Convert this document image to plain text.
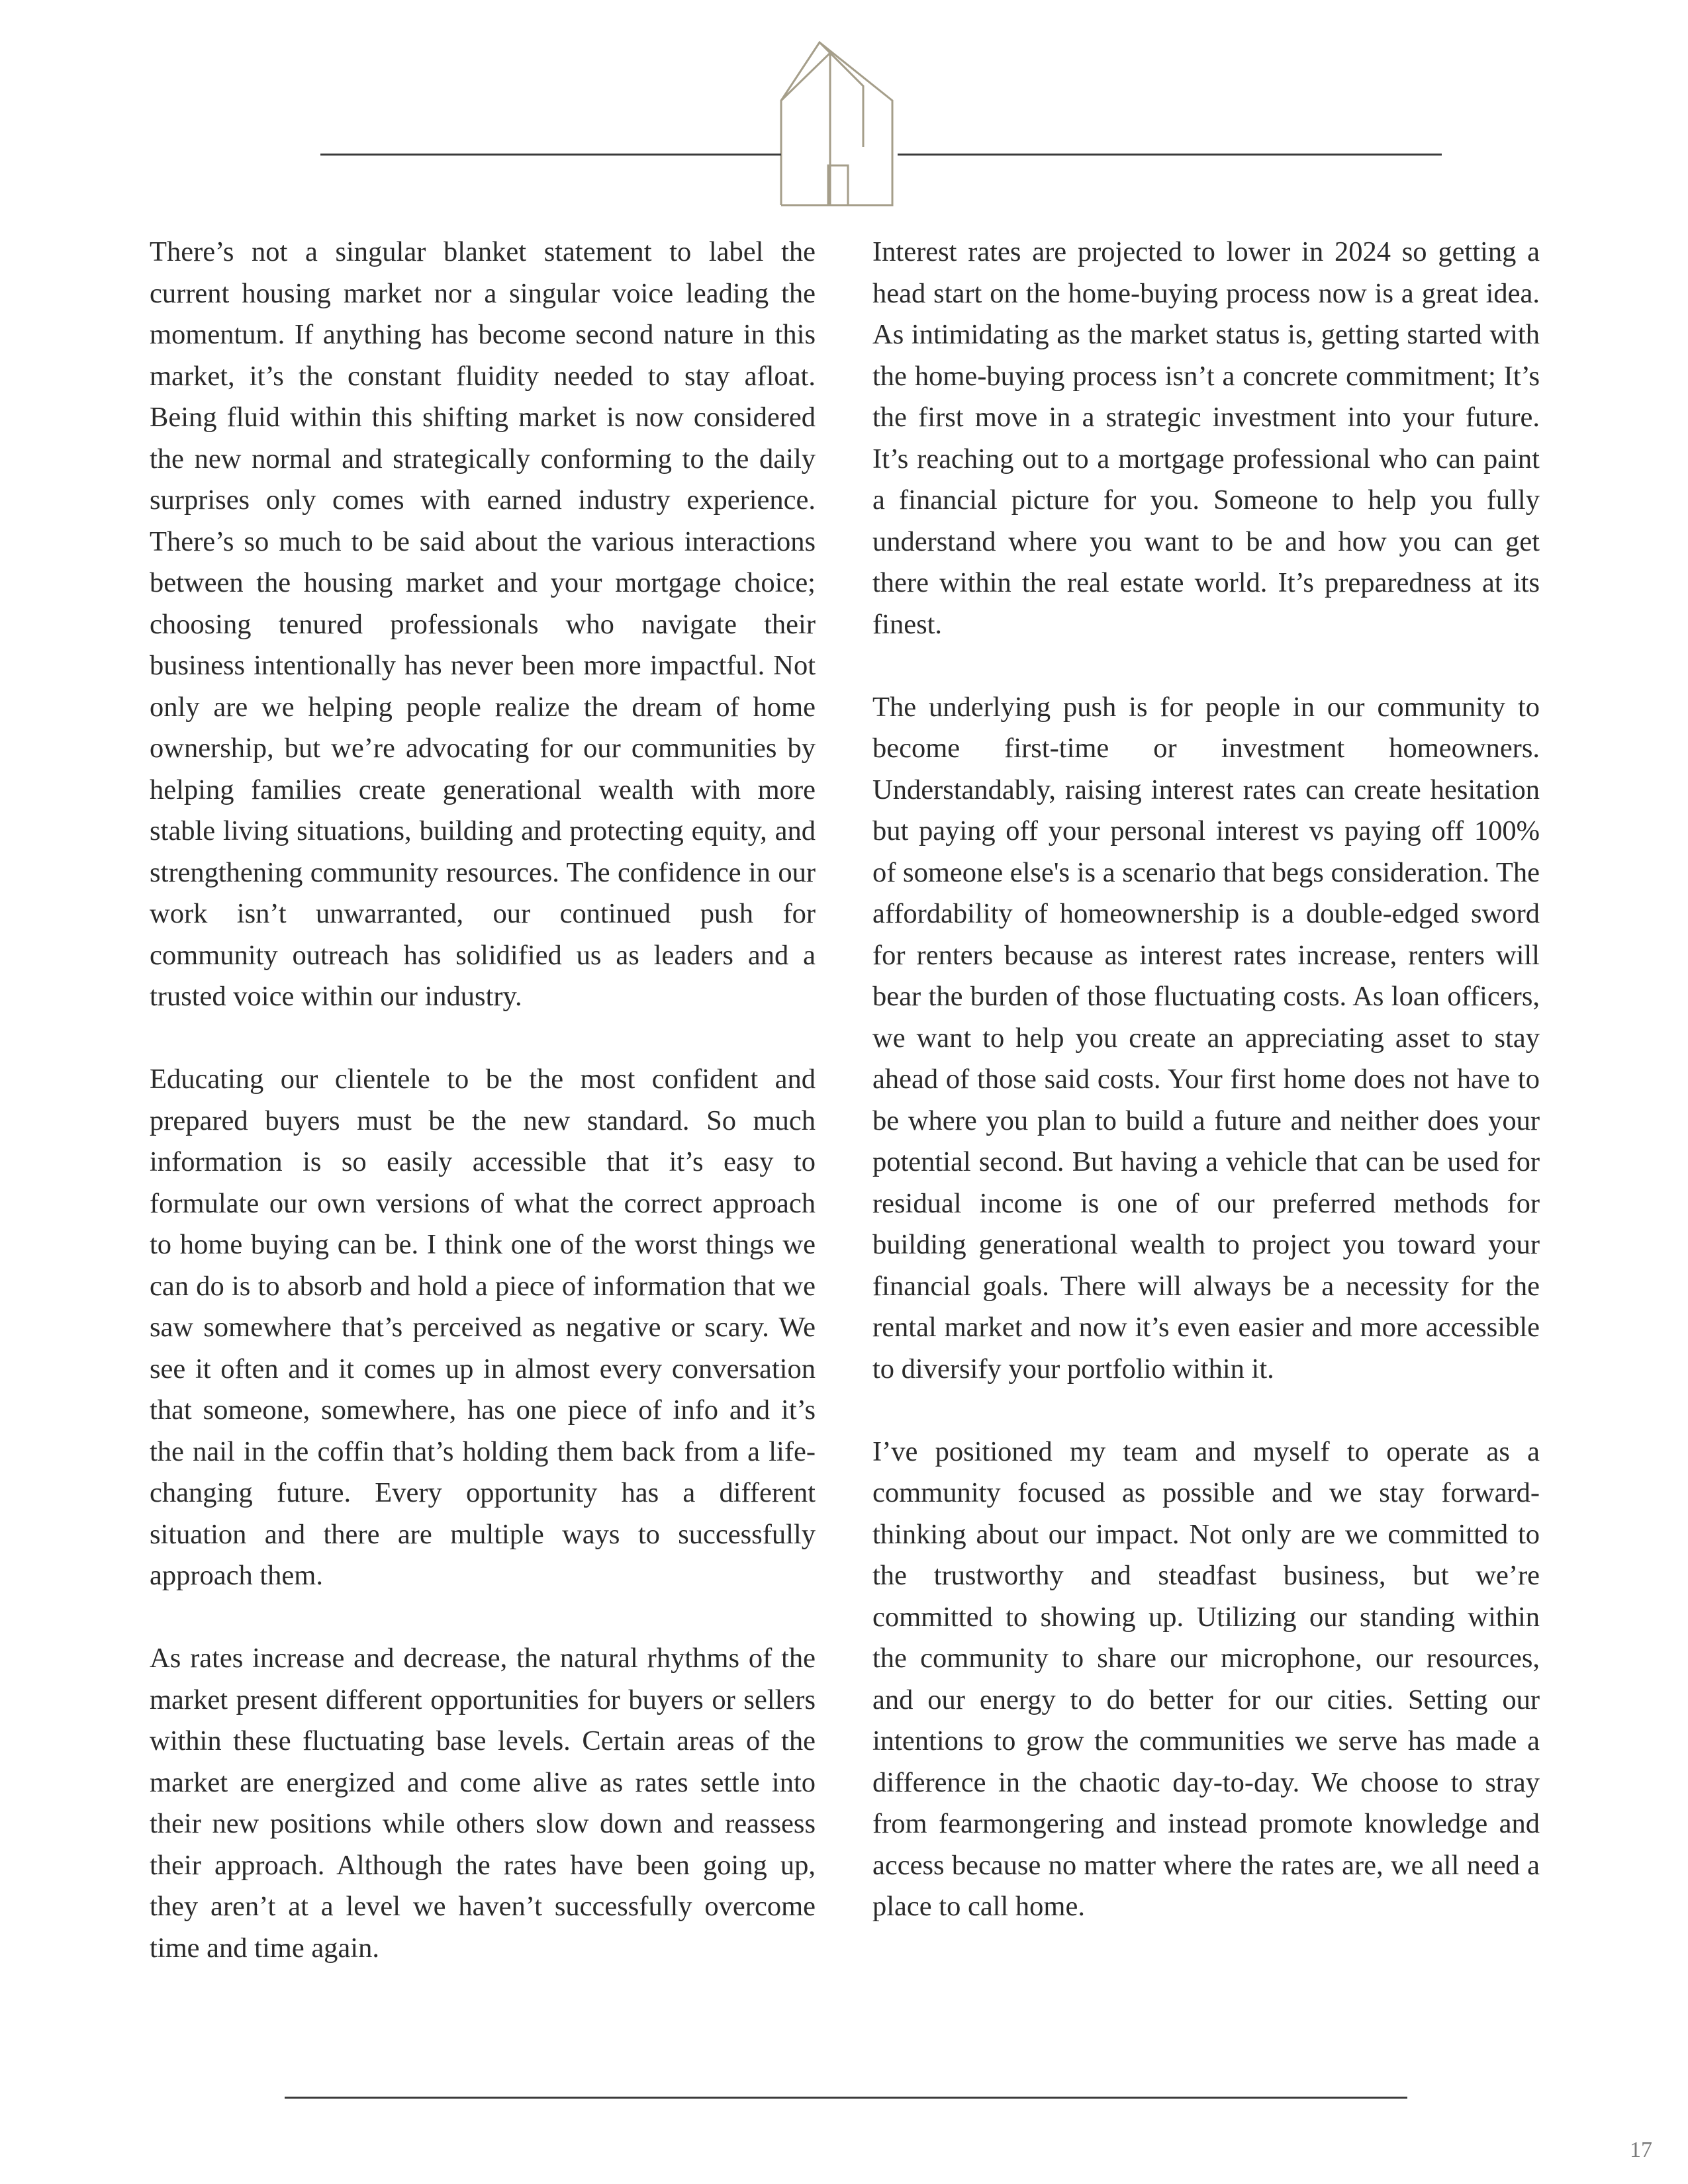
There’s not a singular blanket statement to label the current housing market nor a singular voice leading the momentum. If anything has become second nature in this market, it’s the constant fluidity needed to stay afloat. Being fluid within this shifting market is now considered the new normal and strategically conforming to the daily surprises only comes with earned industry experience. There’s so much to be said about the various interactions between the housing market and your mortgage choice; choosing tenured professionals who navigate their business intentionally has never been more impactful. Not only are we helping people realize the dream of home ownership, but we’re advocating for our communities by helping families create generational wealth with more stable living situations, building and protecting equity, and strengthening community resources. The confidence in our work isn’t unwarranted, our continued push for community outreach has solidified us as leaders and a trusted voice within our industry.

Educating our clientele to be the most confident and prepared buyers must be the new standard. So much information is so easily accessible that it’s easy to formulate our own versions of what the correct approach to home buying can be. I think one of the worst things we can do is to absorb and hold a piece of information that we saw somewhere that’s perceived as negative or scary. We see it often and it comes up in almost every conversation that someone, somewhere, has one piece of info and it’s the nail in the coffin that’s holding them back from a life-changing future. Every opportunity has a different situation and there are multiple ways to successfully approach them.

As rates increase and decrease, the natural rhythms of the market present different opportunities for buyers or sellers within these fluctuating base levels. Certain areas of the market are energized and come alive as rates settle into their new positions while others slow down and reassess their approach. Although the rates have been going up, they aren’t at a level we haven’t successfully overcome time and time again.

Interest rates are projected to lower in 2024 so getting a head start on the home-buying process now is a great idea. As intimidating as the market status is, getting started with the home-buying process isn’t a concrete commitment; It’s the first move in a strategic investment into your future. It’s reaching out to a mortgage professional who can paint a financial picture for you. Someone to help you fully understand where you want to be and how you can get there within the real estate world. It’s preparedness at its finest.

The underlying push is for people in our community to become first-time or investment homeowners. Understandably, raising interest rates can create hesitation but paying off your personal interest vs paying off 100% of someone else's is a scenario that begs consideration. The affordability of homeownership is a double-edged sword for renters because as interest rates increase, renters will bear the burden of those fluctuating costs. As loan officers, we want to help you create an appreciating asset to stay ahead of those said costs. Your first home does not have to be where you plan to build a future and neither does your potential second. But having a vehicle that can be used for residual income is one of our preferred methods for building generational wealth to project you toward your financial goals. There will always be a necessity for the rental market and now it’s even easier and more accessible to diversify your portfolio within it.

I’ve positioned my team and myself to operate as a community focused as possible and we stay forward-thinking about our impact. Not only are we committed to the trustworthy and steadfast business, but we’re committed to showing up. Utilizing our standing within the community to share our microphone, our resources, and our energy to do better for our cities. Setting our intentions to grow the communities we serve has made a difference in the chaotic day-to-day. We choose to stray from fearmongering and instead promote knowledge and access because no matter where the rates are, we all need a place to call home.

17
